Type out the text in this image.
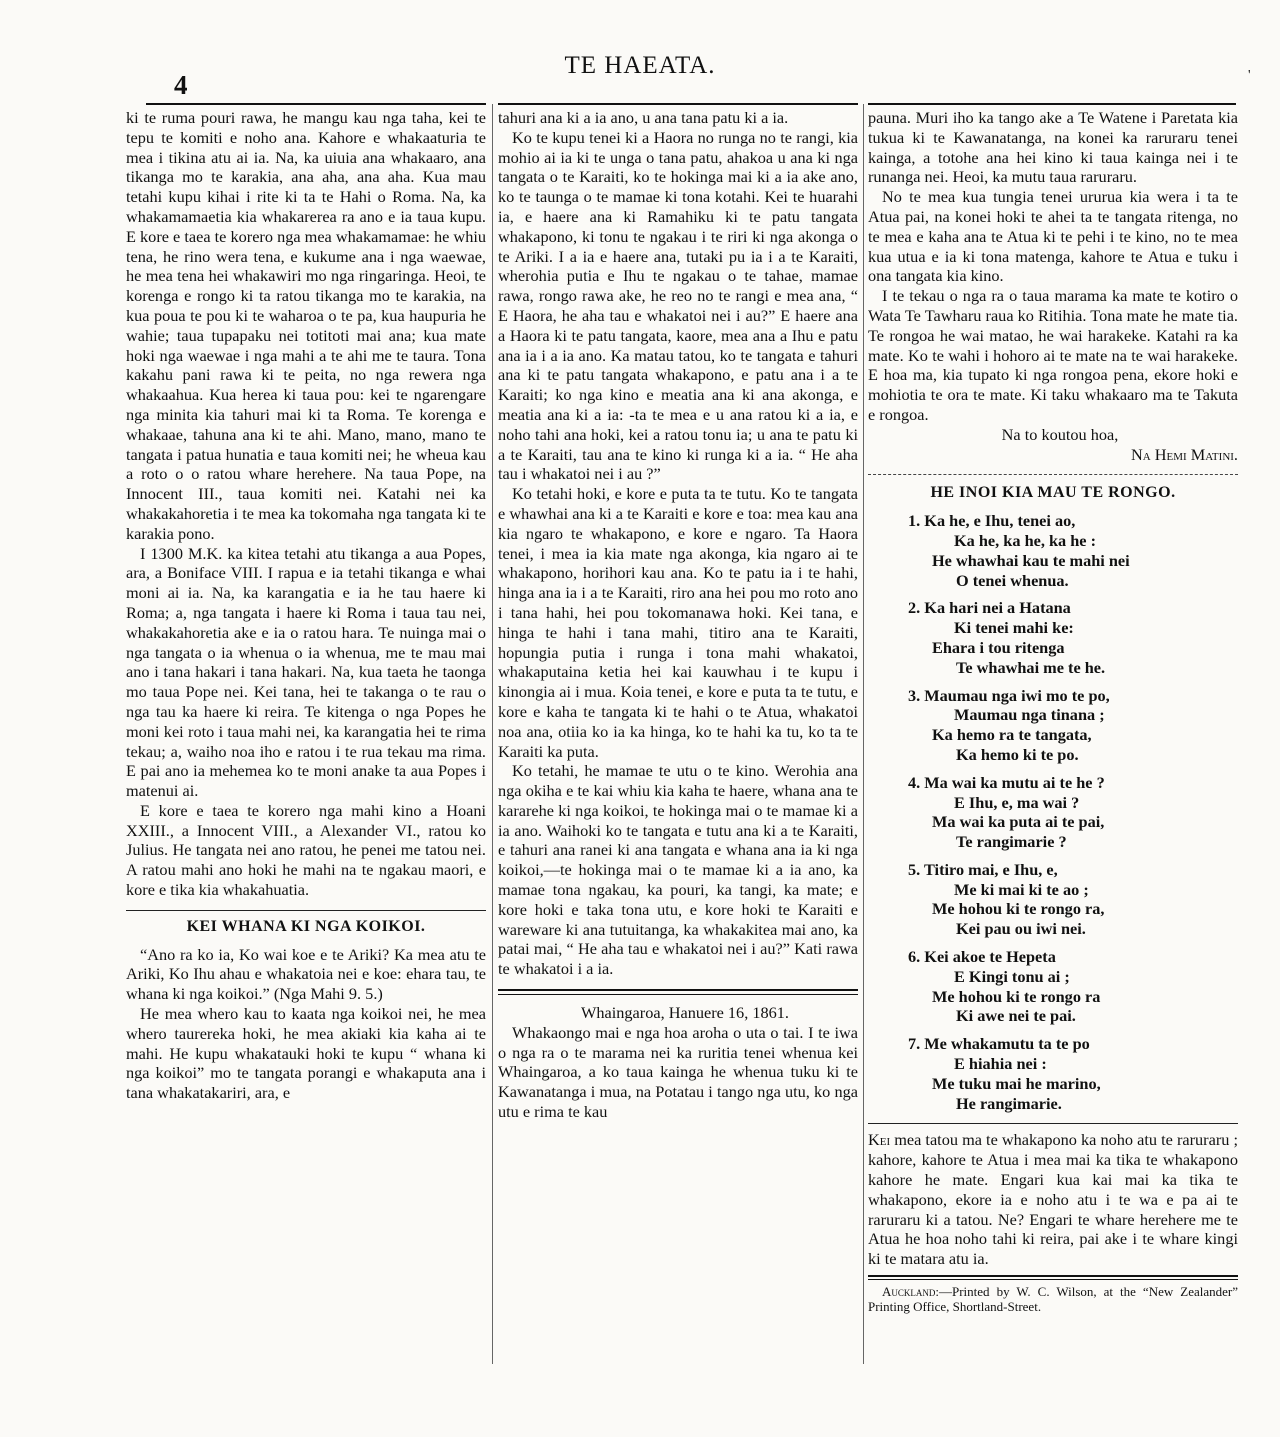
4
TE HAEATA.	'

ki te ruma pouri rawa, he mangu kau nga taha, kei te tepu te komiti e noho ana. Kahore e whakaaturia te mea i tikina atu ai ia. Na, ka uiuia ana whakaaro, ana tikanga mo te karakia, ana aha, ana aha. Kua mau tetahi kupu kihai i rite ki ta te Hahi o Roma. Na, ka whakamamaetia kia whakarerea ra ano e ia taua kupu. E kore e taea te korero nga mea whakamamae: he whiu tena, he rino wera tena, e kukume ana i nga waewae, he mea tena hei whakawiri mo nga ringaringa. Heoi, te korenga e rongo ki ta ratou tikanga mo te karakia, na kua poua te pou ki te waharoa o te pa, kua haupuria he wahie; taua tupapaku nei totitoti mai ana; kua mate hoki nga waewae i nga mahi a te ahi me te taura. Tona kakahu pani rawa ki te peita, no nga rewera nga whakaahua. Kua herea ki taua pou: kei te ngarengare nga minita kia tahuri mai ki ta Roma. Te korenga e whakaae, tahuna ana ki te ahi. Mano, mano, mano te tangata i patua hunatia e taua komiti nei; he wheua kau a roto o o ratou whare herehere. Na taua Pope, na Innocent III., taua komiti nei. Katahi nei ka whakakahoretia i te mea ka tokomaha nga tangata ki te karakia pono.

I 1300 M.K. ka kitea tetahi atu tikanga a aua Popes, ara, a Boniface VIII. I rapua e ia tetahi tikanga e whai moni ai ia. Na, ka karangatia e ia he tau haere ki Roma; a, nga tangata i haere ki Roma i taua tau nei, whakakahoretia ake e ia o ratou hara. Te nuinga mai o nga tangata o ia whenua o ia whenua, me te mau mai ano i tana hakari i tana hakari. Na, kua taeta he taonga mo taua Pope nei. Kei tana, hei te takanga o te rau o nga tau ka haere ki reira. Te kitenga o nga Popes he moni kei roto i taua mahi nei, ka karangatia hei te rima tekau; a, waiho noa iho e ratou i te rua tekau ma rima. E pai ano ia mehemea ko te moni anake ta aua Popes i matenui ai.

E kore e taea te korero nga mahi kino a Hoani XXIII., a Innocent VIII., a Alexander VI., ratou ko Julius. He tangata nei ano ratou, he penei me tatou nei. A ratou mahi ano hoki he mahi na te ngakau maori, e kore e tika kia whakahuatia.

KEI WHANA KI NGA KOIKOI.

“Ano ra ko ia, Ko wai koe e te Ariki? Ka mea atu te Ariki, Ko Ihu ahau e whakatoia nei e koe: ehara tau, te whana ki nga koikoi.” (Nga Mahi 9. 5.)

He mea whero kau to kaata nga koikoi nei, he mea whero taurereka hoki, he mea akiaki kia kaha ai te mahi. He kupu whakatauki hoki te kupu “ whana ki nga koikoi” mo te tangata porangi e whakaputa ana i tana whakatakariri, ara, e

tahuri ana ki a ia ano, u ana tana patu ki a ia.

Ko te kupu tenei ki a Haora no runga no te rangi, kia mohio ai ia ki te unga o tana patu, ahakoa u ana ki nga tangata o te Karaiti, ko te hokinga mai ki a ia ake ano, ko te taunga o te mamae ki tona kotahi. Kei te huarahi ia, e haere ana ki Ramahiku ki te patu tangata whakapono, ki tonu te ngakau i te riri ki nga akonga o te Ariki. I a ia e haere ana, tutaki pu ia i a te Karaiti, wherohia putia e Ihu te ngakau o te tahae, mamae rawa, rongo rawa ake, he reo no te rangi e mea ana, “ E Haora, he aha tau e whakatoi nei i au?” E haere ana a Haora ki te patu tangata, kaore, mea ana a Ihu e patu ana ia i a ia ano. Ka matau tatou, ko te tangata e tahuri ana ki te patu tangata whakapono, e patu ana i a te Karaiti; ko nga kino e meatia ana ki ana akonga, e meatia ana ki a ia: -ta te mea e u ana ratou ki a ia, e noho tahi ana hoki, kei a ratou tonu ia; u ana te patu ki a te Karaiti, tau ana te kino ki runga ki a ia. “ He aha tau i whakatoi nei i au ?”

Ko tetahi hoki, e kore e puta ta te tutu. Ko te tangata e whawhai ana ki a te Karaiti e kore e toa: mea kau ana kia ngaro te whakapono, e kore e ngaro. Ta Haora tenei, i mea ia kia mate nga akonga, kia ngaro ai te whakapono, horihori kau ana. Ko te patu ia i te hahi, hinga ana ia i a te Karaiti, riro ana hei pou mo roto ano i tana hahi, hei pou tokomanawa hoki. Kei tana, e hinga te hahi i tana mahi, titiro ana te Karaiti, hopungia putia i runga i tona mahi whakatoi, whakaputaina ketia hei kai kauwhau i te kupu i kinongia ai i mua. Koia tenei, e kore e puta ta te tutu, e kore e kaha te tangata ki te hahi o te Atua, whakatoi noa ana, otiia ko ia ka hinga, ko te hahi ka tu, ko ta te Karaiti ka puta.

Ko tetahi, he mamae te utu o te kino. Werohia ana nga okiha e te kai whiu kia kaha te haere, whana ana te kararehe ki nga koikoi, te hokinga mai o te mamae ki a ia ano. Waihoki ko te tangata e tutu ana ki a te Karaiti, e tahuri ana ranei ki ana tangata e whana ana ia ki nga koikoi,—te hokinga mai o te mamae ki a ia ano, ka mamae tona ngakau, ka pouri, ka tangi, ka mate; e kore hoki e taka tona utu, e kore hoki te Karaiti e wareware ki ana tutuitanga, ka whakakitea mai ano, ka patai mai, “ He aha tau e whakatoi nei i au?” Kati rawa te whakatoi i a ia.

Whaingaroa, Hanuere 16, 1861.

Whakaongo mai e nga hoa aroha o uta o tai. I te iwa o nga ra o te marama nei ka ruritia tenei whenua kei Whaingaroa, a ko taua kainga he whenua tuku ki te Kawanatanga i mua, na Potatau i tango nga utu, ko nga utu e rima te kau

pauna. Muri iho ka tango ake a Te Watene i Paretata kia tukua ki te Kawanatanga, na konei ka raruraru tenei kainga, a totohe ana hei kino ki taua kainga nei i te runanga nei. Heoi, ka mutu taua raruraru.

No te mea kua tungia tenei ururua kia wera i ta te Atua pai, na konei hoki te ahei ta te tangata ritenga, no te mea e kaha ana te Atua ki te pehi i te kino, no te mea kua utua e ia ki tona matenga, kahore te Atua e tuku i ona tangata kia kino.

I te tekau o nga ra o taua marama ka mate te kotiro o Wata Te Tawharu raua ko Ritihia. Tona mate he mate tia. Te rongoa he wai matao, he wai harakeke. Katahi ra ka mate. Ko te wahi i hohoro ai te mate na te wai harakeke. E hoa ma, kia tupato ki nga rongoa pena, ekore hoki e mohiotia te ora te mate. Ki taku whakaaro ma te Takuta e rongoa.

Na to koutou hoa,

Na Hemi Matini.

HE INOI KIA MAU TE RONGO.
1. Ka he, e Ihu, tenei ao,
Ka he, ka he, ka he :
He whawhai kau te mahi nei
O tenei whenua.
2. Ka hari nei a Hatana
Ki tenei mahi ke:
Ehara i tou ritenga
Te whawhai me te he.
3. Maumau nga iwi mo te po,
Maumau nga tinana ;
Ka hemo ra te tangata,
Ka hemo ki te po.
4. Ma wai ka mutu ai te he ?
E Ihu, e, ma wai ?
Ma wai ka puta ai te pai,
Te rangimarie ?
5. Titiro mai, e Ihu, e,
Me ki mai ki te ao ;
Me hohou ki te rongo ra,
Kei pau ou iwi nei.
6. Kei akoe te Hepeta
E Kingi tonu ai ;
Me hohou ki te rongo ra
Ki awe nei te pai.
7. Me whakamutu ta te po
E hiahia nei :
Me tuku mai he marino,
He rangimarie.

Kei mea tatou ma te whakapono ka noho atu te raruraru ; kahore, kahore te Atua i mea mai ka tika te whakapono kahore he mate. Engari kua kai mai ka tika te whakapono, ekore ia e noho atu i te wa e pa ai te raruraru ki a tatou. Ne? Engari te whare herehere me te Atua he hoa noho tahi ki reira, pai ake i te whare kingi ki te matara atu ia.

Auckland:—Printed by W. C. Wilson, at the “New Zealander” Printing Office, Shortland-Street.
